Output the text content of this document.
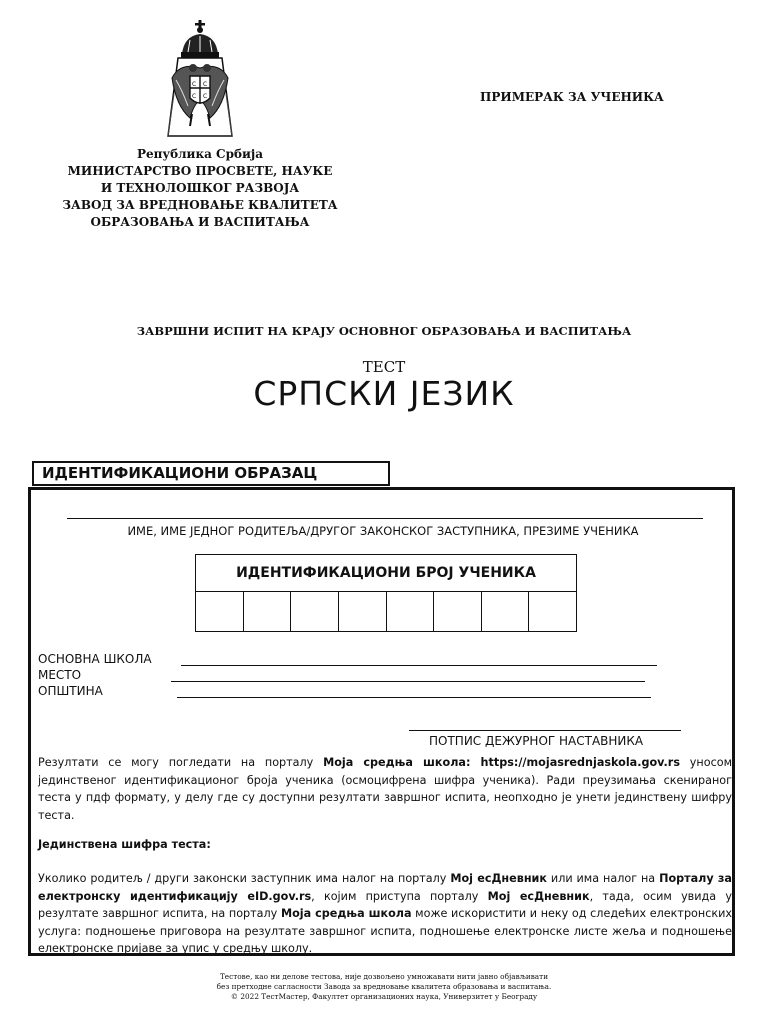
С С
С С
Република Србија
МИНИСТАРСТВО ПРОСВЕТЕ, НАУКЕ
И ТЕХНОЛОШКОГ РАЗВОЈА
ЗАВОД ЗА ВРЕДНОВАЊЕ КВАЛИТЕТА
ОБРАЗОВАЊА И ВАСПИТАЊА
ПРИМЕРАК ЗА УЧЕНИКА
ЗАВРШНИ ИСПИТ НА КРАЈУ ОСНОВНОГ ОБРАЗОВАЊА И ВАСПИТАЊА
ТЕСТ
СРПСКИ ЈЕЗИК
ИДЕНТИФИКАЦИОНИ ОБРАЗАЦ
ИМЕ, ИМЕ ЈЕДНОГ РОДИТЕЉА/ДРУГОГ ЗАКОНСКОГ ЗАСТУПНИКА, ПРЕЗИМЕ УЧЕНИКА
ИДЕНТИФИКАЦИОНИ БРОЈ УЧЕНИКА
ОСНОВНА ШКОЛА
МЕСТО
ОПШТИНА
ПОТПИС ДЕЖУРНОГ НАСТАВНИКА
Резултати се могу погледати на порталу Моја средња школа: https://mojasrednjaskola.gov.rs уносом јединственог идентификационог броја ученика (осмоцифрена шифра ученика). Ради преузимања скенираног теста у пдф формату, у делу где су доступни резултати завршног испита, неопходно је унети јединствену шифру теста.
Јединствена шифра теста:
Уколико родитељ / други законски заступник има налог на порталу Мој есДневник или има налог на Порталу за електронску идентификацију eID.gov.rs, којим приступа порталу Мој есДневник, тада, осим увида у резултате завршног испита, на порталу Моја средња школа може искористити и неку од следећих електронских услуга: подношење приговора на резултате завршног испита, подношење електронске листе жеља и подношење електронске пријаве за упис у средњу школу.
Тестове, као ни делове тестова, није дозвољено умножавати нити јавно објављивати
без претходне сагласности Завода за вредновање квалитета образовања и васпитања.
© 2022 ТестМастер, Факултет организационих наука, Универзитет у Београду
